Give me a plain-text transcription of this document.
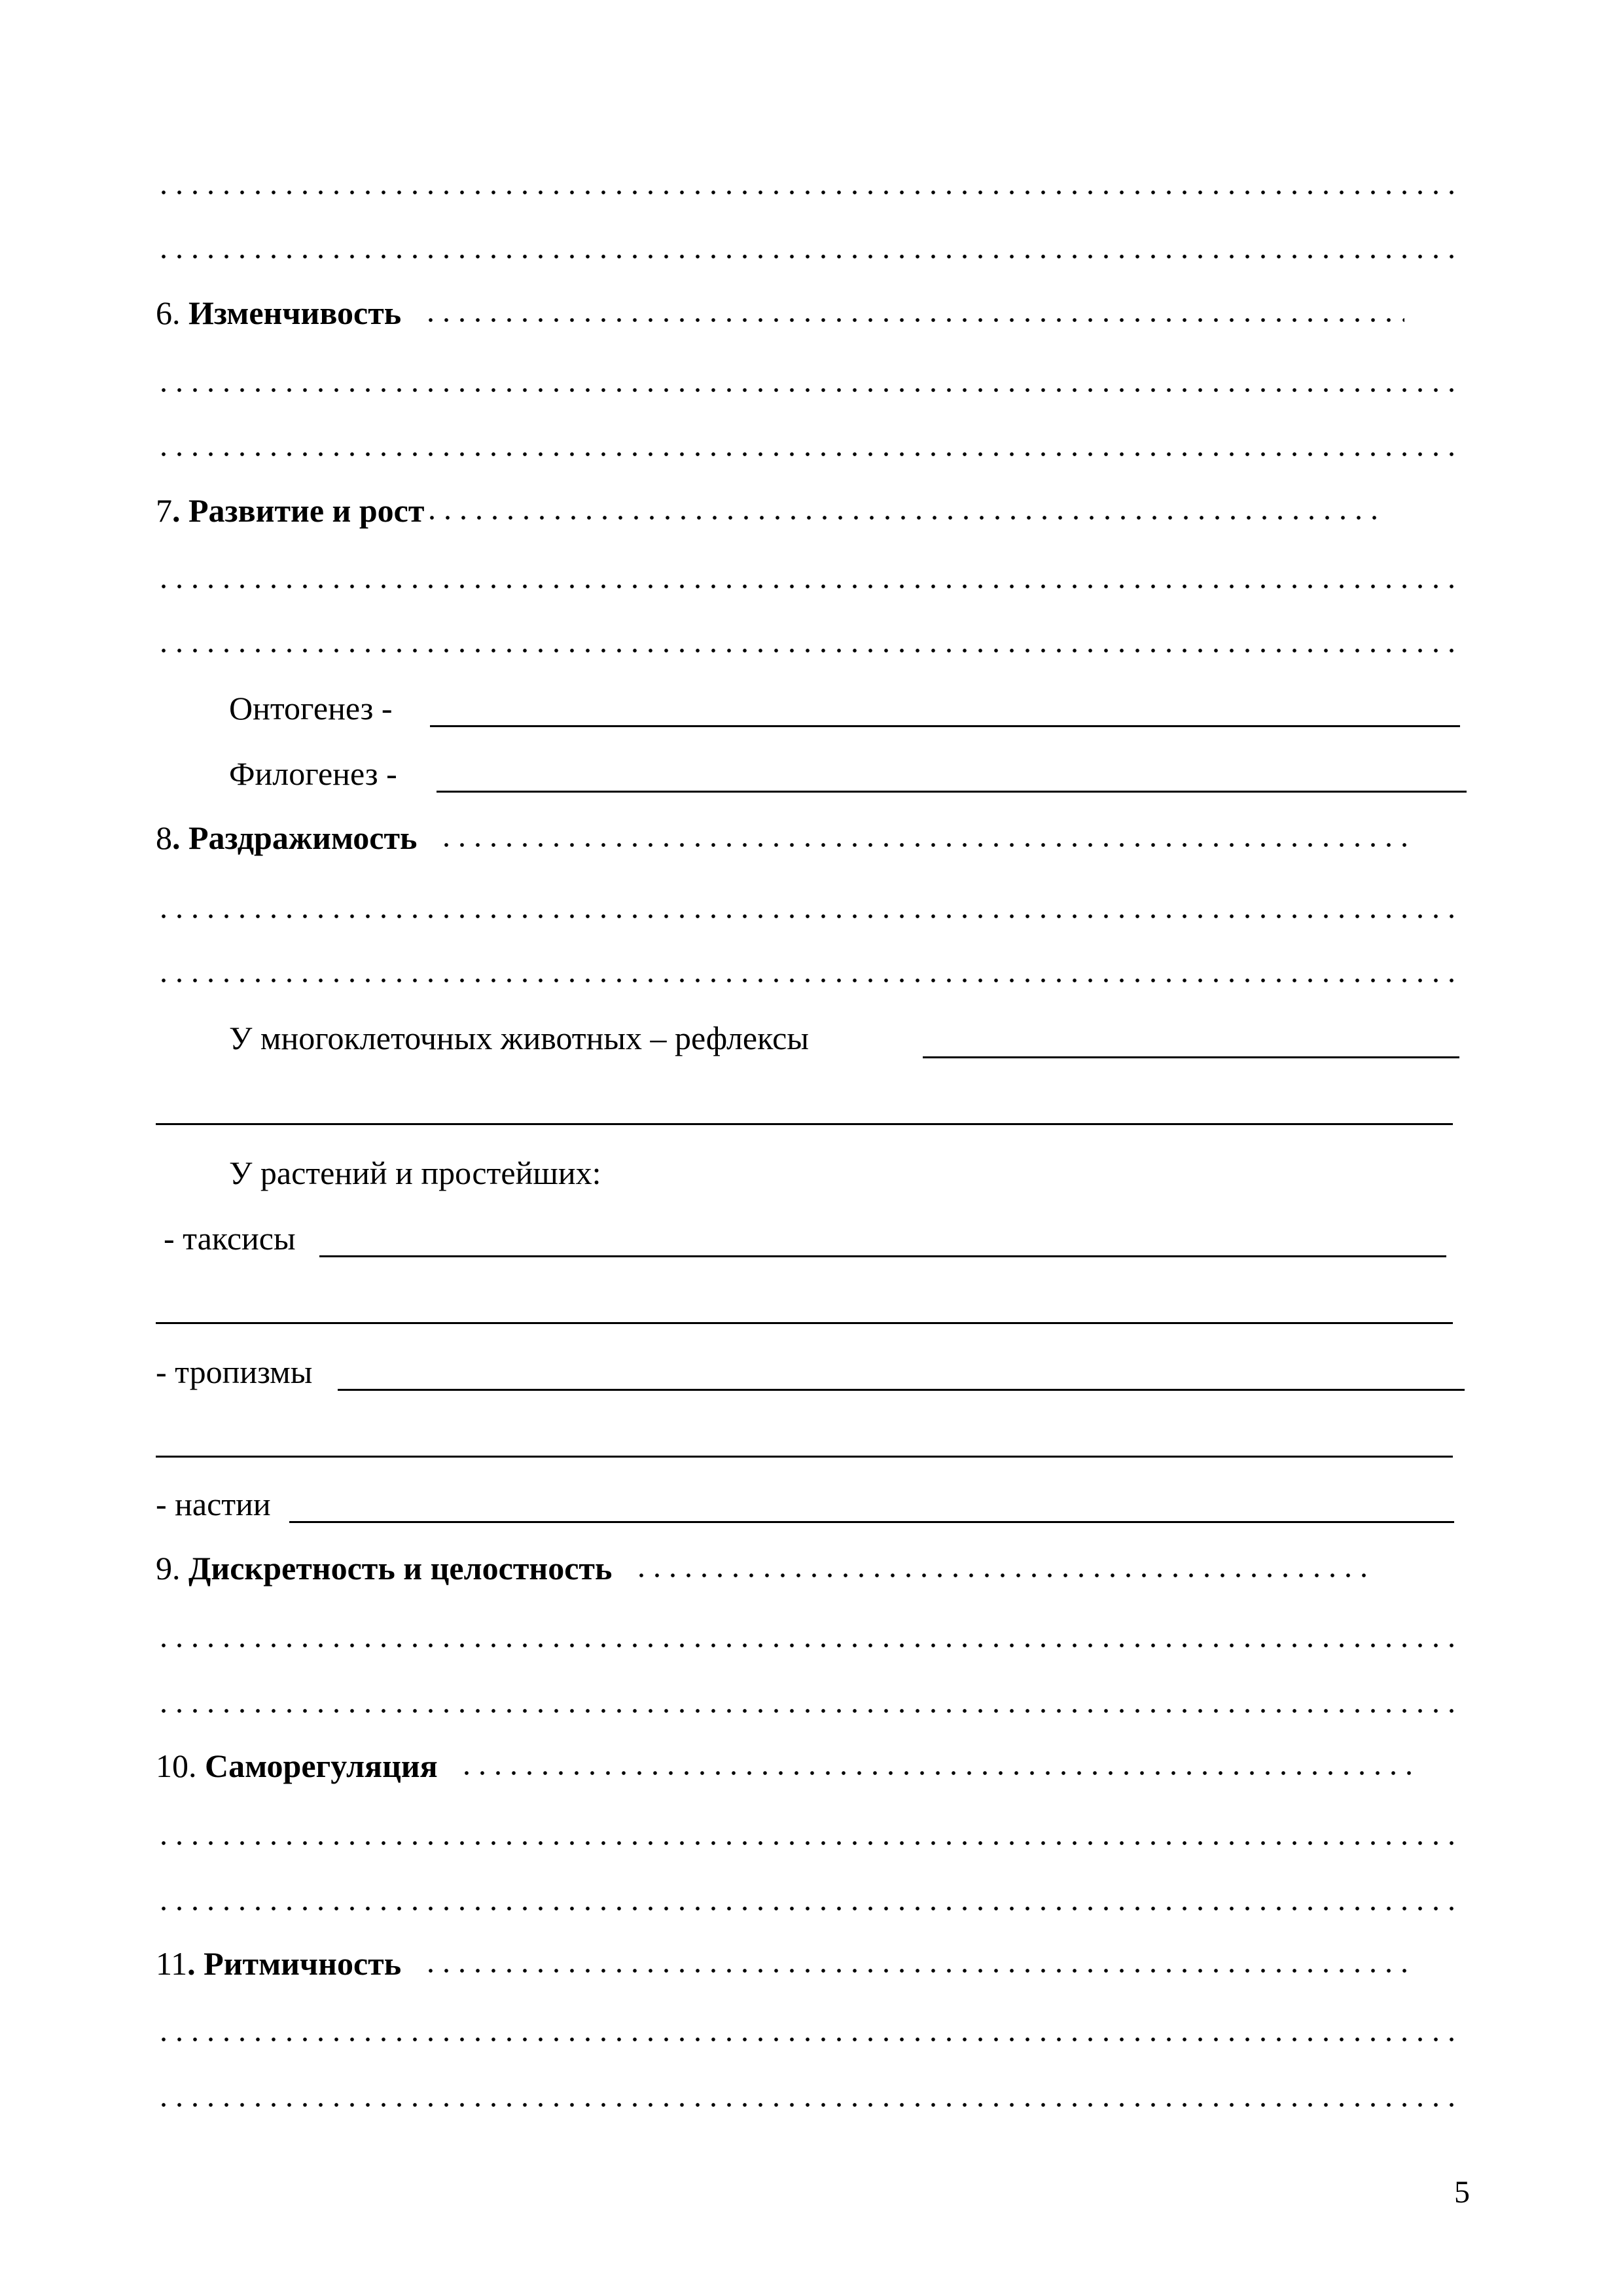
6. Изменчивость
7. Развитие и рост
Онтогенез -
Филогенез -
8. Раздражимость
У многоклеточных животных – рефлексы
У растений и простейших:
- таксисы
- тропизмы
- настии
9. Дискретность и целостность
10. Саморегуляция
11. Ритмичность
5
